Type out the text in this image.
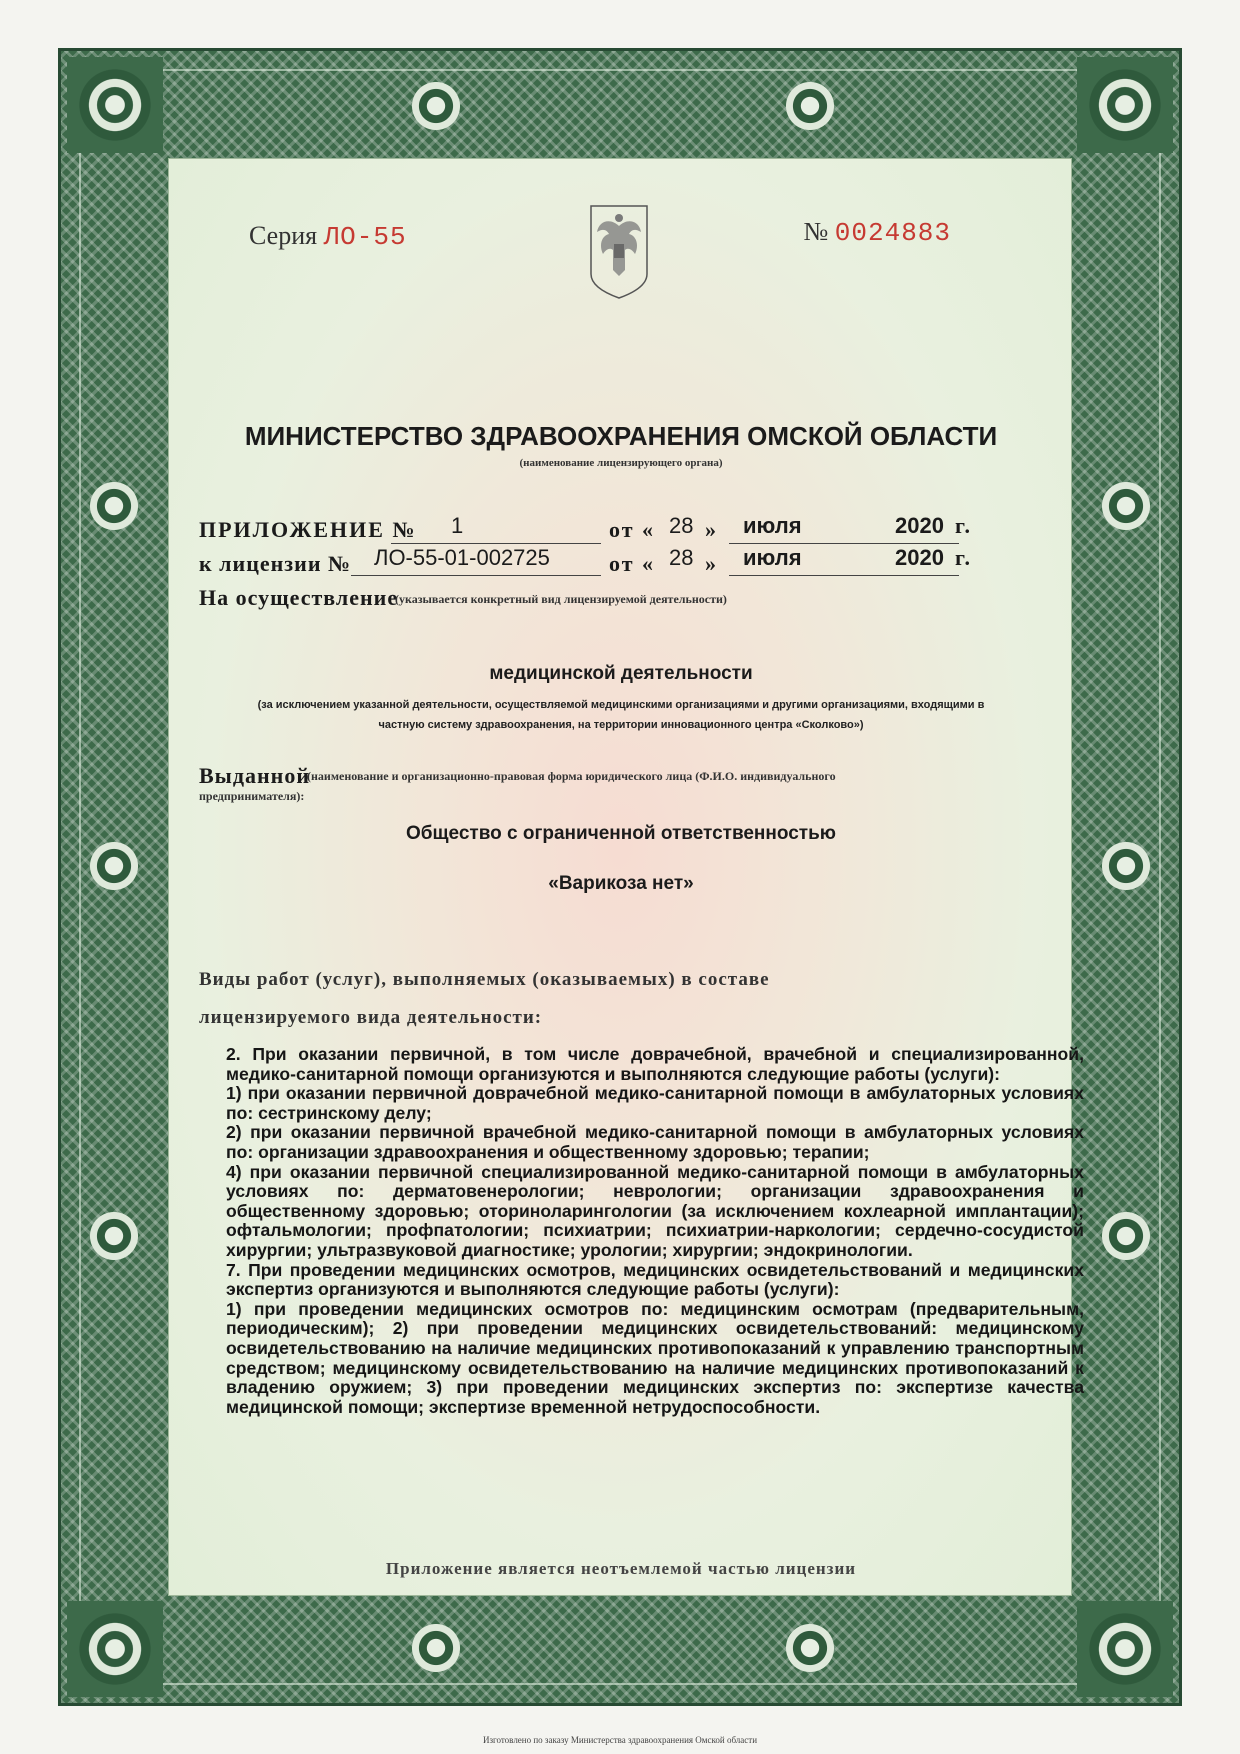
Серия ЛО-55	№ 0024883
МИНИСТЕРСТВО ЗДРАВООХРАНЕНИЯ ОМСКОЙ ОБЛАСТИ
(наименование лицензирующего органа)
ПРИЛОЖЕНИЕ № 1	от « 28 » июля	2020 г.
к лицензии № ЛО-55-01-002725	от « 28 » июля	2020 г.
На осуществление
(указывается конкретный вид лицензируемой деятельности)
медицинской деятельности
(за исключением указанной деятельности, осуществляемой медицинскими организациями и другими организациями, входящими в
частную систему здравоохранения, на территории инновационного центра «Сколково»)
Выданной
(наименование и организационно-правовая форма юридического лица (Ф.И.О. индивидуального
предпринимателя):
Общество с ограниченной ответственностью
«Варикоза нет»
Виды работ (услуг), выполняемых (оказываемых) в составе
лицензируемого вида деятельности:
Приложение является неотъемлемой частью лицензии

2. При оказании первичной, в том числе доврачебной, врачебной и специализированной, медико-санитарной помощи организуются и выполняются следующие работы (услуги):

1) при оказании первичной доврачебной медико-санитарной помощи в амбулаторных условиях по: сестринскому делу;

2) при оказании первичной врачебной медико-санитарной помощи в амбулаторных условиях по: организации здравоохранения и общественному здоровью; терапии;

4) при оказании первичной специализированной медико-санитарной помощи в амбулаторных условиях по: дерматовенерологии; неврологии; организации здравоохранения и общественному здоровью; оториноларингологии (за исключением кохлеарной имплантации); офтальмологии; профпатологии; психиатрии; психиатрии-наркологии; сердечно-сосудистой хирургии; ультразвуковой диагностике; урологии; хирургии; эндокринологии.

7. При проведении медицинских осмотров, медицинских освидетельствований и медицинских экспертиз организуются и выполняются следующие работы (услуги):

1) при проведении медицинских осмотров по: медицинским осмотрам (предварительным, периодическим); 2) при проведении медицинских освидетельствований: медицинскому освидетельствованию на наличие медицинских противопоказаний к управлению транспортным средством; медицинскому освидетельствованию на наличие медицинских противопоказаний к владению оружием; 3) при проведении медицинских экспертиз по: экспертизе качества медицинской помощи; экспертизе временной нетрудоспособности.

Изготовлено по заказу Министерства здравоохранения Омской области
